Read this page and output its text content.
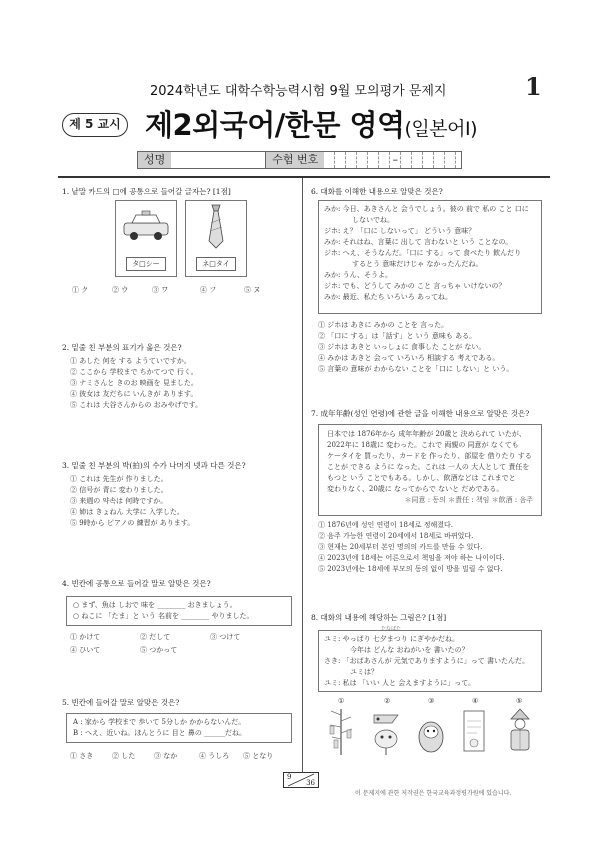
2024학년도 대학수학능력시험 9월 모의평가 문제지	1
제 5 교시 제2외국어/한문 영역(일본어Ⅰ)
성명	수험 번호	–
1. 낱말 카드의 □에 공통으로 들어갈 글자는? [1점]
タ□シー	ネ□タイ
① ク	② ウ	③ ワ	④ フ	⑤ ヌ
2. 밑줄 친 부분의 표기가 옳은 것은?
① あした 何を する ようていですか。
② ここから 学校まで ちかてつで 行く。
③ ナミさんと きのお 映画を 見ました。
④ 彼女は 友だちに いんきが あります。
⑤ これは 大谷さんからの おみやげです。
3. 밑줄 친 부분의 박(拍)의 수가 나머지 넷과 다른 것은?
① これは 先生が 作りました。
② 信号が 青に 変わりました。
③ 来週の 약속は 何時ですか。
④ 姉は きょねん 大学に 入学した。
⑤ 9時から ピアノの 練習が あります。
4. 빈칸에 공통으로 들어갈 말로 알맞은 것은?
○ まず、魚は しおで 味を ________ おきましょう。
○ ねこに 「たま」と いう 名前を ________ やりました。
① かけて	② だして	③ つけて
④ ひいて	⑤ つかって
5. 빈칸에 들어갈 말로 알맞은 것은?
A : 家から 学校まで 歩いて 5分しか かからないんだ。
B : へえ、近いね。ほんとうに 目と 鼻の ______だね。
① さき	② した	③ なか	④ うしろ ⑤ となり
6. 대화를 이해한 내용으로 알맞은 것은?
みか: 今日、あきさんと 会うでしょう。彼の 前で 私の こと 口に
しないでね。
ジホ: え？「口に しないって」 どういう 意味？
みか: それはね、言葉に 出して 言わないと いう ことなの。
ジホ: へえ、そうなんだ。「口に する」って 食べたり 飲んだり
するとう 意味だけじゃ なかったんだね。
みか: うん、そうよ。
ジホ: でも、どうして みかの こと 言っちゃ いけないの？
みか: 最近、私たち いろいろ あってね。
① ジホは あきに みかの ことを 言った。
② 「口に する」は「話す」と いう 意味も ある。
③ ジホは あきと いっしょに 食事した ことが ない。
④ みかは あきと 会って いろいろ 相談する 考えである。
⑤ 言葉の 意味が わからない ことを「口に しない」と いう。
7. 成年年齢(성인 연령)에 관한 글을 이해한 내용으로 알맞은 것은?
日本では 1876年から 成年年齢が 20歳と 決められて いたが、
2022年に 18歳に 変わった。これで 両親の 同意が なくても
ケータイを 買ったり、カードを 作ったり、部屋を 借りたり する
ことが できる ように なった。これは 一人の 大人として 責任を
もつと いう ことでもある。しかし、飲酒などは これまでと
変わりなく、20歳に なってからで ないと だめである。
＊同意 : 동의 ＊責任 : 책임 ＊飲酒 : 음주
① 1876년에 성인 연령이 18세로 정해졌다.
② 음주 가능한 연령이 20세에서 18세로 바뀌었다.
③ 현재는 20세부터 본인 명의의 카드를 만들 수 있다.
④ 2023년에 18세는 어른으로서 책임을 져야 하는 나이이다.
⑤ 2023년에는 18세에 부모의 동의 없이 방을 빌릴 수 없다.
8. 대화의 내용에 해당하는 그림은? [1점]
たなばた
ユミ: やっぱり 七夕まつり にぎやかだね。
今年は どんな おねがいを 書いたの？
さき: 「おばあさんが 元気でありますように」って 書いたんだ。
ユミは？
ユミ: 私は 「いい 人と 会えますように」って。
①	②	③	④	⑤
9
36
이 문제지에 관한 저작권은 한국교육과정평가원에 있습니다.
